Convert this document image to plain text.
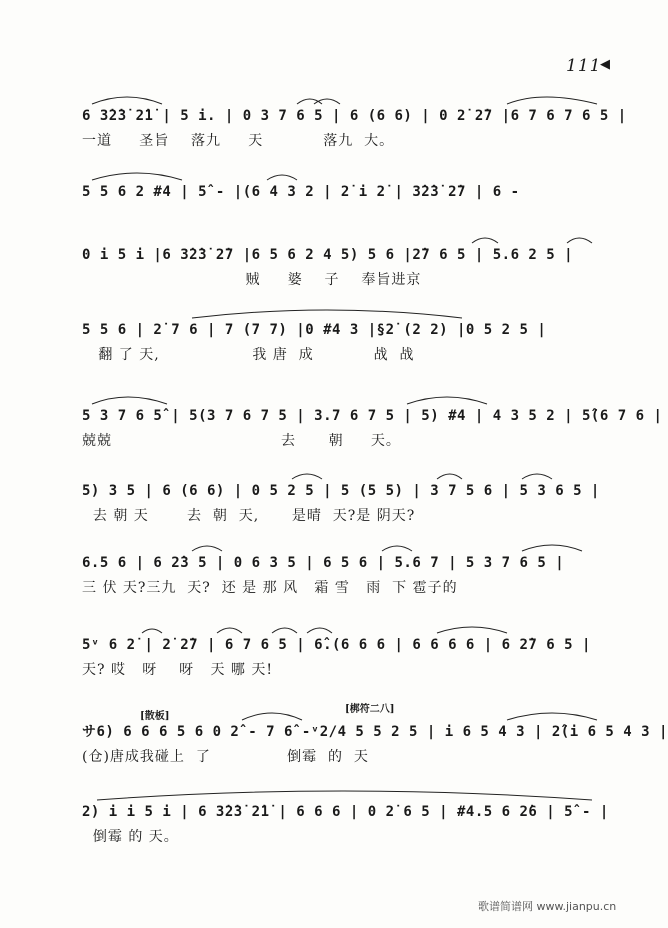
111
◀
6 3̇2̇3̇ 2̇1̇ | 5 i. | 0 3 7 6 5 | 6 (6 6) | 0 2̇ 2̇7 |6 7 6 7 6 5 |
一道     圣旨    落九     天           落九  大。
5 5 6 2 #4 | 5̂ - |(6 4 3 2 | 2̇ i 2̇ | 3̇2̇3̇ 2̇7 | 6 -
0 i 5 i |6 3̇2̇3̇ 2̇7 |6 5 6 2 4 5) 5 6 |2̇7 6 5 | 5.6 2 5 |
贼     婆    子    奉旨进京
5 5 6 | 2̇ 7 6 | 7 (7 7) |0 #4 3 |§2̇ (2 2) |0 5 2 5 |
翻 了 天,                 我 唐  成           战  战
5 3 7 6 5̂ | 5(3 7 6 7 5 | 3.7 6 7 5 | 5) #4 | 4 3 5 2 | 5̂(6 7 6 |
兢兢                               去      朝     天。
5) 3 5 | 6 (6 6) | 0 5 2 5 | 5 (5 5) | 3 7 5 6 | 5 3 6 5 |
去 朝 天       去  朝  天,      是晴  天?是 阴天?
6.5 6 | 6 2̇3 5 | 0 6 3 5 | 6 5 6 | 5.6 7 | 5 3 7 6 5 |
三 伏 天?三九  天?  还 是 那 风   霜 雪   雨  下 雹子的
5ᵛ 6 2̇ | 2̇ 2̇7 | 6 7 6 5 | 6̂.(6 6 6 | 6 6 6 6 | 6 2̇7 6 5 |
天? 哎   呀    呀   天 哪 天!
[散板]
[梆符二八]
サ6) 6 6 6 5 6 0 2̂ - 7 6̂ -ᵛ2/4 5 5 2 5 | i 6 5 4 3 | 2̂(i 6 5 4 3 |
(仓)唐成我碰上  了              倒霉  的  天
2) i i 5 i | 6 3̇2̇3̇ 2̇1̇ | 6 6 6 | 0 2̇ 6 5 | #4.5 6 2̇6 | 5̂ - |
倒霉 的 天。
歌谱简谱网 www.jianpu.cn
